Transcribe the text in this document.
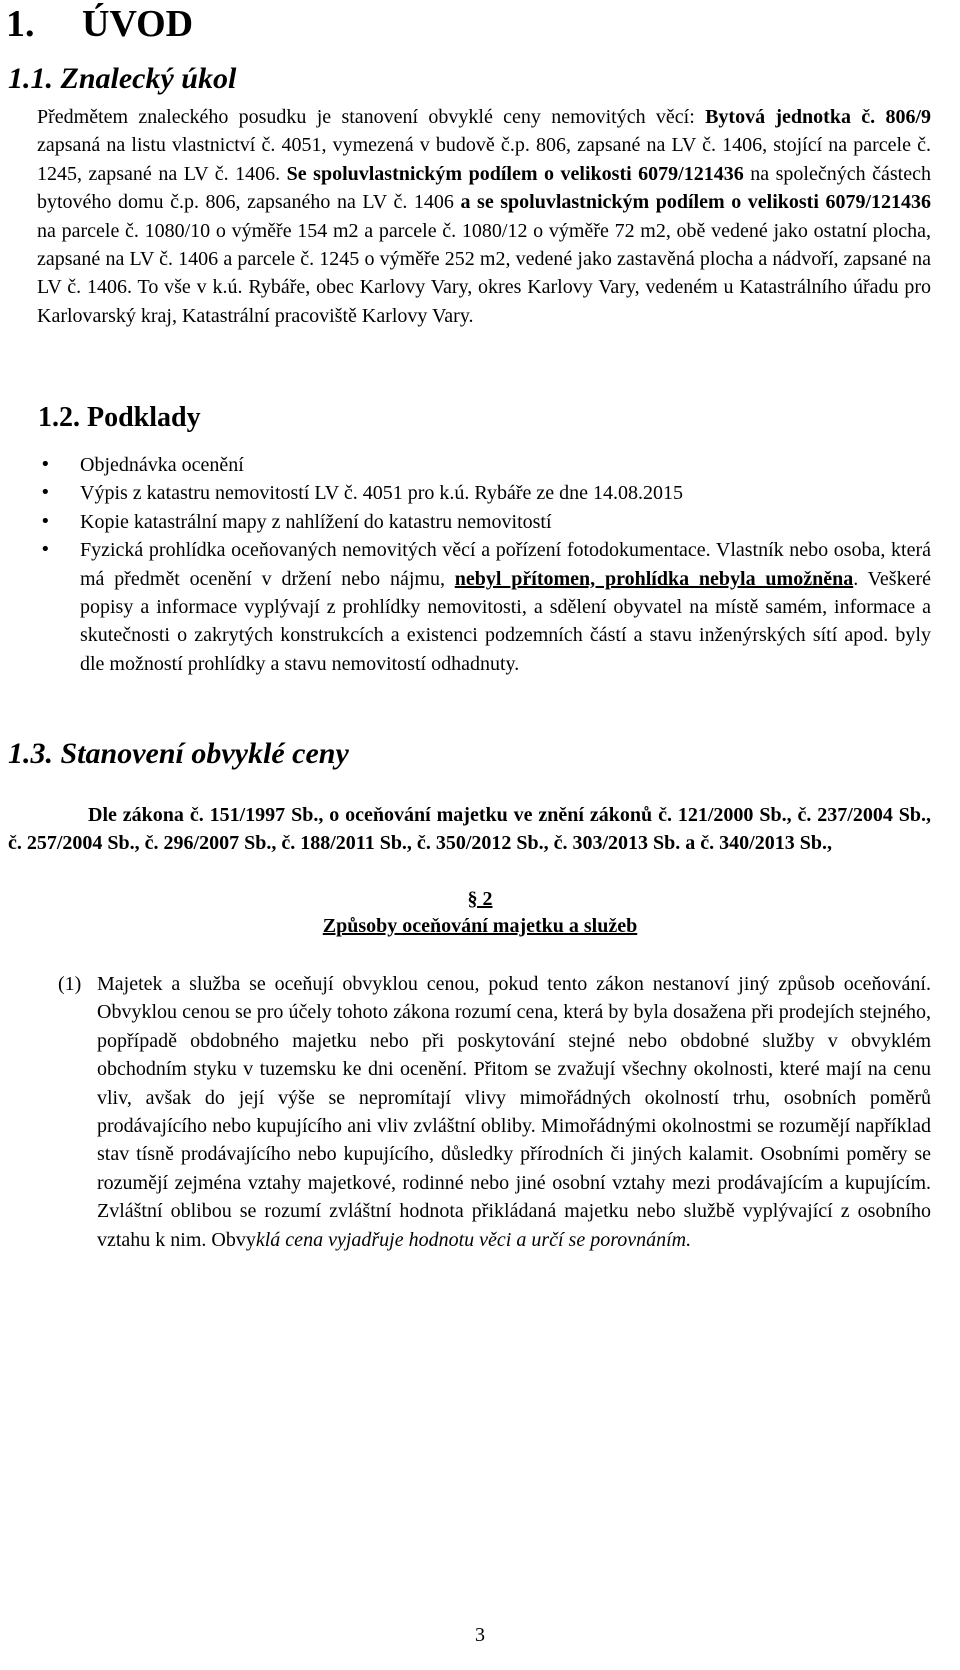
1. ÚVOD
1.1. Znalecký úkol

Předmětem znaleckého posudku je stanovení obvyklé ceny nemovitých věcí: Bytová jednotka č. 806/9 zapsaná na listu vlastnictví č. 4051, vymezená v budově č.p. 806, zapsané na LV č. 1406, stojící na parcele č. 1245, zapsané na LV č. 1406. Se spoluvlastnickým podílem o velikosti 6079/121436 na společných částech bytového domu č.p. 806, zapsaného na LV č. 1406 a se spoluvlastnickým podílem o velikosti 6079/121436 na parcele č. 1080/10 o výměře 154 m2 a parcele č. 1080/12 o výměře 72 m2, obě vedené jako ostatní plocha, zapsané na LV č. 1406 a parcele č. 1245 o výměře 252 m2, vedené jako zastavěná plocha a nádvoří, zapsané na LV č. 1406. To vše v k.ú. Rybáře, obec Karlovy Vary, okres Karlovy Vary, vedeném u Katastrálního úřadu pro Karlovarský kraj, Katastrální pracoviště Karlovy Vary.

1.2. Podklady
• Objednávka ocenění
• Výpis z katastru nemovitostí LV č. 4051 pro k.ú. Rybáře ze dne 14.08.2015
• Kopie katastrální mapy z nahlížení do katastru nemovitostí
• Fyzická prohlídka oceňovaných nemovitých věcí a pořízení fotodokumentace. Vlastník nebo osoba, která má předmět ocenění v držení nebo nájmu, nebyl přítomen, prohlídka nebyla umožněna. Veškeré popisy a informace vyplývají z prohlídky nemovitosti, a sdělení obyvatel na místě samém, informace a skutečnosti o zakrytých konstrukcích a existenci podzemních částí a stavu inženýrských sítí apod. byly dle možností prohlídky a stavu nemovitostí odhadnuty.
1.3. Stanovení obvyklé ceny

Dle zákona č. 151/1997 Sb., o oceňování majetku ve znění zákonů č. 121/2000 Sb., č. 237/2004 Sb., č. 257/2004 Sb., č. 296/2007 Sb., č. 188/2011 Sb., č. 350/2012 Sb., č. 303/2013 Sb. a č. 340/2013 Sb.,

§ 2
Způsoby oceňování majetku a služeb
(1) Majetek a služba se oceňují obvyklou cenou, pokud tento zákon nestanoví jiný způsob oceňování. Obvyklou cenou se pro účely tohoto zákona rozumí cena, která by byla dosažena při prodejích stejného, popřípadě obdobného majetku nebo při poskytování stejné nebo obdobné služby v obvyklém obchodním styku v tuzemsku ke dni ocenění. Přitom se zvažují všechny okolnosti, které mají na cenu vliv, avšak do její výše se nepromítají vlivy mimořádných okolností trhu, osobních poměrů prodávajícího nebo kupujícího ani vliv zvláštní obliby. Mimořádnými okolnostmi se rozumějí například stav tísně prodávajícího nebo kupujícího, důsledky přírodních či jiných kalamit. Osobními poměry se rozumějí zejména vztahy majetkové, rodinné nebo jiné osobní vztahy mezi prodávajícím a kupujícím. Zvláštní oblibou se rozumí zvláštní hodnota přikládaná majetku nebo službě vyplývající z osobního vztahu k nim. Obvyklá cena vyjadřuje hodnotu věci a určí se porovnáním.
3
